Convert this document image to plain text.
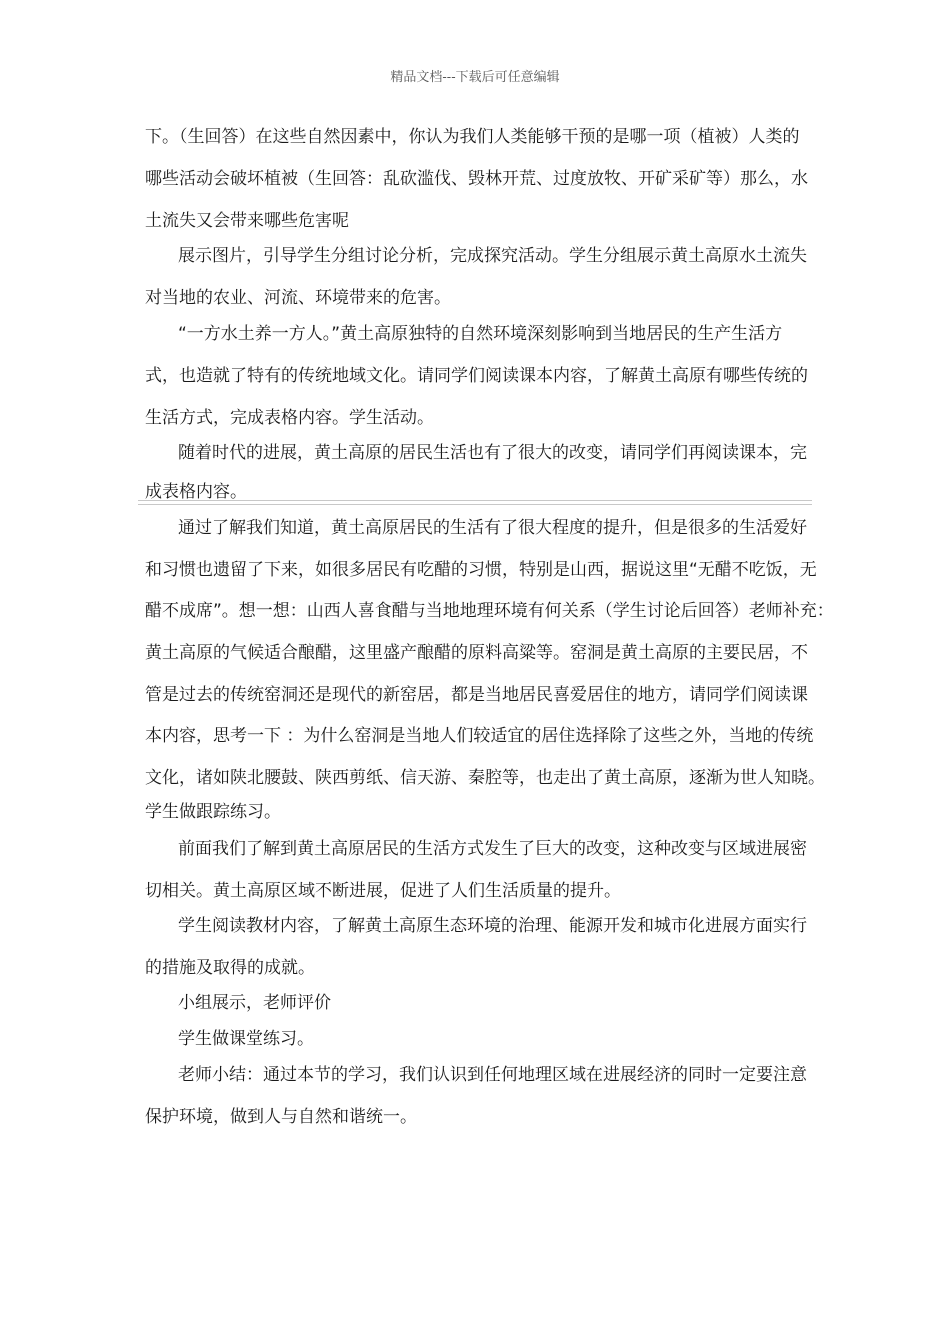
精品文档---下载后可任意编辑
下。（生回答）在这些自然因素中，你认为我们人类能够干预的是哪一项（植被）人类的
哪些活动会破坏植被（生回答：乱砍滥伐、毁林开荒、过度放牧、开矿采矿等）那么，水
土流失又会带来哪些危害呢
展示图片，引导学生分组讨论分析，完成探究活动。学生分组展示黄土高原水土流失
对当地的农业、河流、环境带来的危害。
“一方水土养一方人。”黄土高原独特的自然环境深刻影响到当地居民的生产生活方
式，也造就了特有的传统地域文化。请同学们阅读课本内容，了解黄土高原有哪些传统的
生活方式，完成表格内容。学生活动。
随着时代的进展，黄土高原的居民生活也有了很大的改变，请同学们再阅读课本，完
成表格内容。
通过了解我们知道，黄土高原居民的生活有了很大程度的提升，但是很多的生活爱好
和习惯也遗留了下来，如很多居民有吃醋的习惯，特别是山西，据说这里“无醋不吃饭，无
醋不成席”。想一想：山西人喜食醋与当地地理环境有何关系（学生讨论后回答）老师补充：
黄土高原的气候适合酿醋，这里盛产酿醋的原料高粱等。窑洞是黄土高原的主要民居，不
管是过去的传统窑洞还是现代的新窑居，都是当地居民喜爱居住的地方，请同学们阅读课
本内容，思考一下 ：为什么窑洞是当地人们较适宜的居住选择除了这些之外，当地的传统
文化，诸如陕北腰鼓、陕西剪纸、信天游、秦腔等，也走出了黄土高原，逐渐为世人知晓。
学生做跟踪练习。
前面我们了解到黄土高原居民的生活方式发生了巨大的改变，这种改变与区域进展密
切相关。黄土高原区域不断进展，促进了人们生活质量的提升。
学生阅读教材内容，了解黄土高原生态环境的治理、能源开发和城市化进展方面实行
的措施及取得的成就。
小组展示，老师评价
学生做课堂练习。
老师小结：通过本节的学习，我们认识到任何地理区域在进展经济的同时一定要注意
保护环境，做到人与自然和谐统一。
